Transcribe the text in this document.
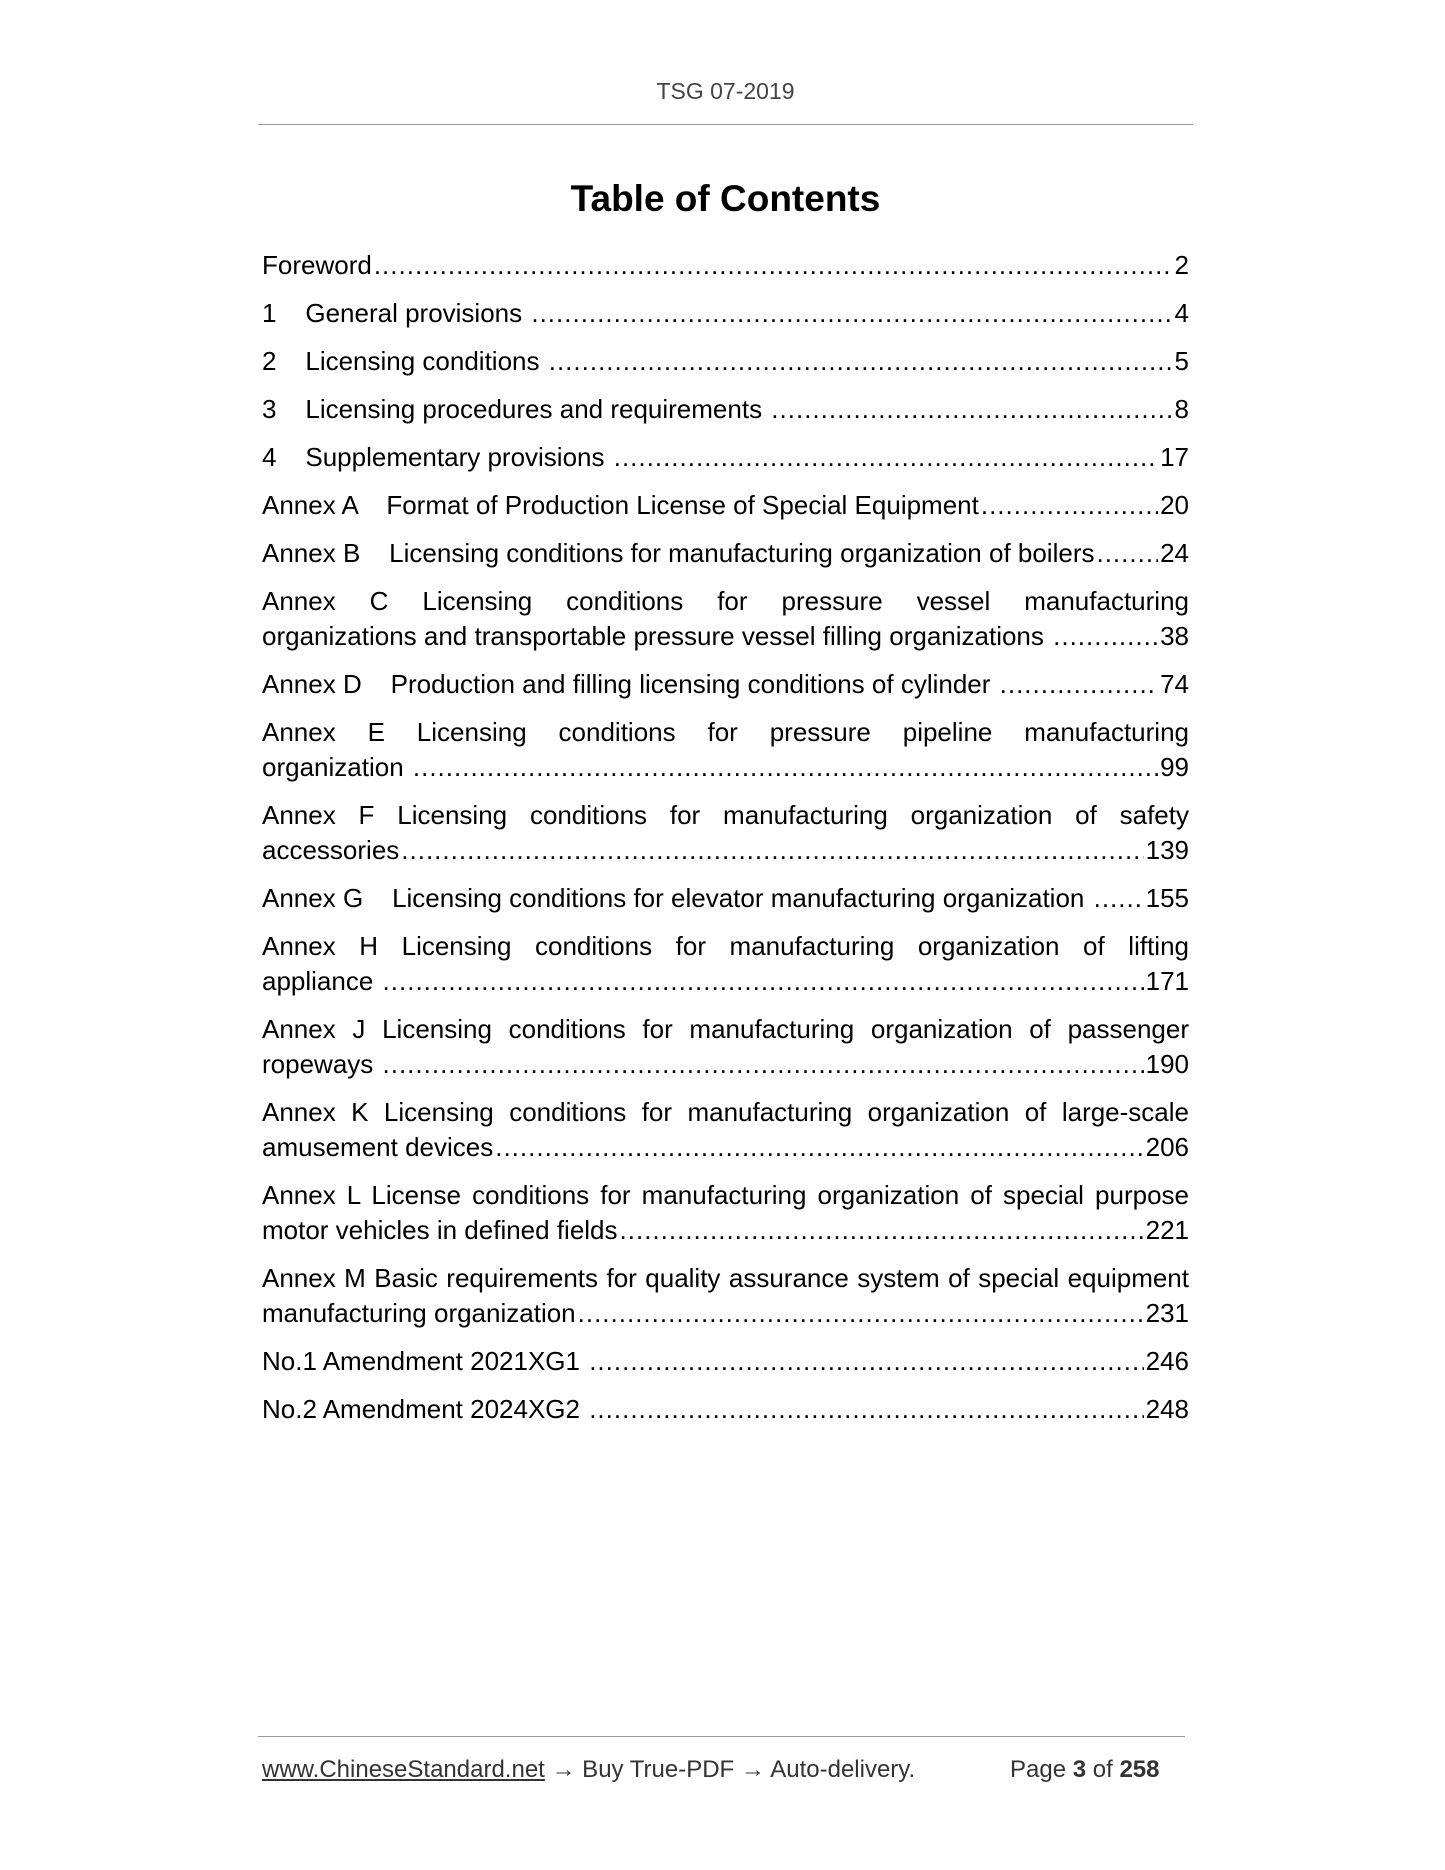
TSG 07-2019
Table of Contents
Foreword .....	2
1    General provisions .....	4
2    Licensing conditions .....	5
3    Licensing procedures and requirements .....	8
4    Supplementary provisions .....	17
Annex A    Format of Production License of Special Equipment .....	20
Annex B    Licensing conditions for manufacturing organization of boilers .....	24
Annex C Licensing conditions for pressure vessel manufacturing
organizations and transportable pressure vessel filling organizations .....	38
Annex D    Production and filling licensing conditions of cylinder .....	74
Annex E Licensing conditions for pressure pipeline manufacturing
organization .....	99
Annex F Licensing conditions for manufacturing organization of safety
accessories .....	139
Annex G    Licensing conditions for elevator manufacturing organization ..... 155
Annex H Licensing conditions for manufacturing organization of lifting
appliance .....	171
Annex J Licensing conditions for manufacturing organization of passenger
ropeways .....	190
Annex K Licensing conditions for manufacturing organization of large-scale
amusement devices .....	206
Annex L License conditions for manufacturing organization of special purpose
motor vehicles in defined fields .....	221
Annex M Basic requirements for quality assurance system of special equipment
manufacturing organization .....	231
No.1 Amendment 2021XG1 .....	246
No.2 Amendment 2024XG2 .....	248
www.ChineseStandard.net → Buy True-PDF → Auto-delivery.	Page 3 of 258
